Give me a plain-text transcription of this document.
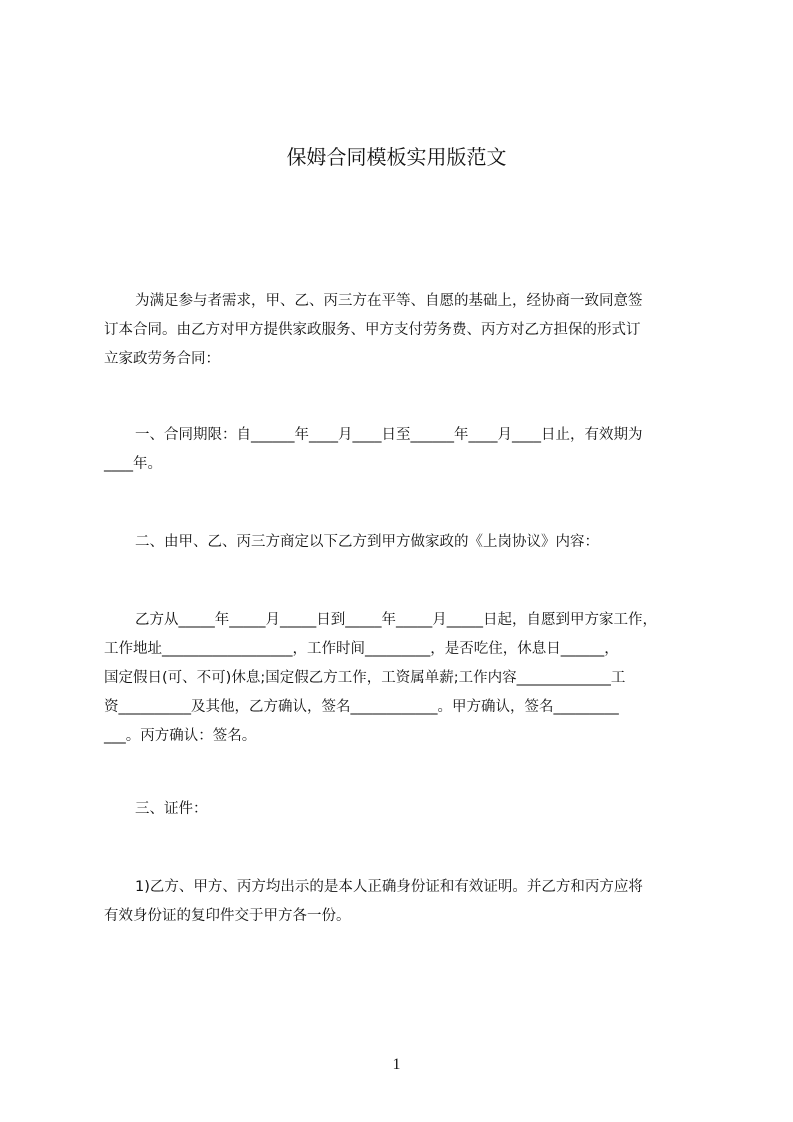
保姆合同模板实用版范文

为满足参与者需求，甲、乙、丙三方在平等、自愿的基础上，经协商一致同意签
订本合同。由乙方对甲方提供家政服务、甲方支付劳务费、丙方对乙方担保的形式订
立家政劳务合同：

一、合同期限：自______年____月____日至______年____月____日止，有效期为
____年。

二、由甲、乙、丙三方商定以下乙方到甲方做家政的《上岗协议》内容：

乙方从_____年_____月_____日到_____年_____月_____日起，自愿到甲方家工作，
工作地址__________________，工作时间_________，是否吃住，休息日______，
国定假日(可、不可)休息;国定假乙方工作，工资属单薪;工作内容_____________工
资__________及其他，乙方确认，签名____________。甲方确认，签名_________
___。丙方确认：签名。

三、证件：

1)乙方、甲方、丙方均出示的是本人正确身份证和有效证明。并乙方和丙方应将
有效身份证的复印件交于甲方各一份。

1
